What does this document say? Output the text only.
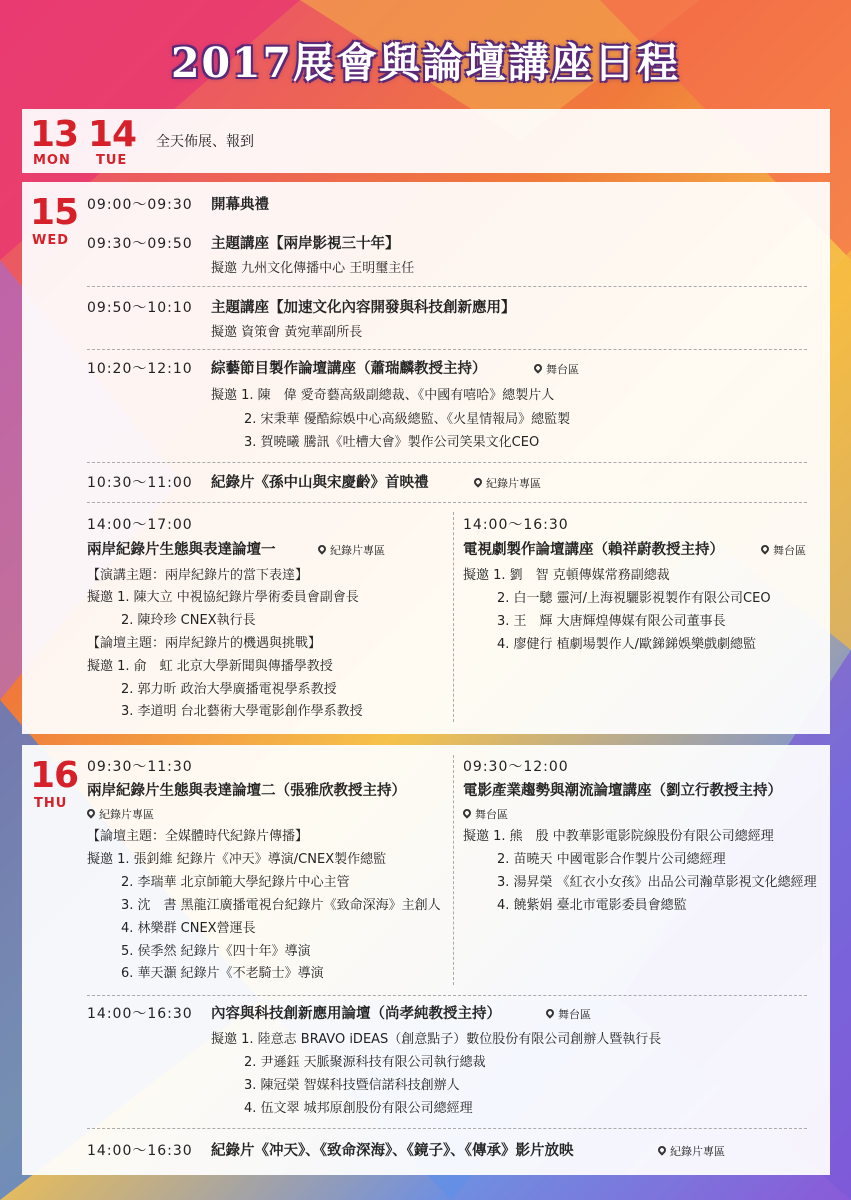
2017展會與論壇講座日程
13
MON
14
TUE
全天佈展、報到
15
WED
09:00～09:30 開幕典禮
09:30～09:50 主題講座【兩岸影視三十年】
擬邀 九州文化傳播中心 王明璽主任
09:50～10:10 主題講座【加速文化內容開發與科技創新應用】
擬邀 資策會 黃宛華副所長
10:20～12:10 綜藝節目製作論壇講座（蕭瑞麟教授主持）	舞台區
擬邀 1. 陳　偉 愛奇藝高級副總裁、《中國有嘻哈》總製片人
2. 宋秉華 優酷綜娛中心高級總監、《火星情報局》總監製
3. 賀曉曦 騰訊《吐槽大會》製作公司笑果文化CEO
10:30～11:00 紀錄片《孫中山與宋慶齡》首映禮	紀錄片專區
14:00～17:00
兩岸紀錄片生態與表達論壇一	紀錄片專區
【演講主題：兩岸紀錄片的當下表達】
擬邀 1. 陳大立 中視協紀錄片學術委員會副會長
2. 陳玲珍 CNEX執行長
【論壇主題：兩岸紀錄片的機遇與挑戰】
擬邀 1. 俞　虹 北京大學新聞與傳播學教授
2. 郭力昕 政治大學廣播電視學系教授
3. 李道明 台北藝術大學電影創作學系教授
14:00～16:30
電視劇製作論壇講座（賴祥蔚教授主持）	舞台區
擬邀 1. 劉　智 克頓傳媒常務副總裁
2. 白一驄 靈河/上海視驪影視製作有限公司CEO
3. 王　輝 大唐輝煌傳媒有限公司董事長
4. 廖健行 植劇場製作人/歐銻銻娛樂戲劇總監
16
THU
09:30～11:30
兩岸紀錄片生態與表達論壇二（張雅欣教授主持）
紀錄片專區
【論壇主題：全媒體時代紀錄片傳播】
擬邀 1. 張釗維 紀錄片《冲天》導演/CNEX製作總監
2. 李瑞華 北京師範大學紀錄片中心主管
3. 沈　書 黑龍江廣播電視台紀錄片《致命深海》主創人
4. 林樂群 CNEX營運長
5. 侯季然 紀錄片《四十年》導演
6. 華天灝 紀錄片《不老騎士》導演
09:30～12:00
電影產業趨勢與潮流論壇講座（劉立行教授主持）
舞台區
擬邀 1. 熊　殷 中教華影電影院線股份有限公司總經理
2. 苗曉天 中國電影合作製片公司總經理
3. 湯昇榮 《紅衣小女孩》出品公司瀚草影視文化總經理
4. 饒紫娟 臺北市電影委員會總監
14:00～16:30 內容與科技創新應用論壇（尚孝純教授主持）	舞台區
擬邀 1. 陸意志 BRAVO iDEAS（創意點子）數位股份有限公司創辦人暨執行長
2. 尹遜鈺 天脈聚源科技有限公司執行總裁
3. 陳冠榮 智媒科技暨信諾科技創辦人
4. 伍文翠 城邦原創股份有限公司總經理
14:00～16:30 紀錄片《冲天》、《致命深海》、《鏡子》、《傳承》影片放映	紀錄片專區
